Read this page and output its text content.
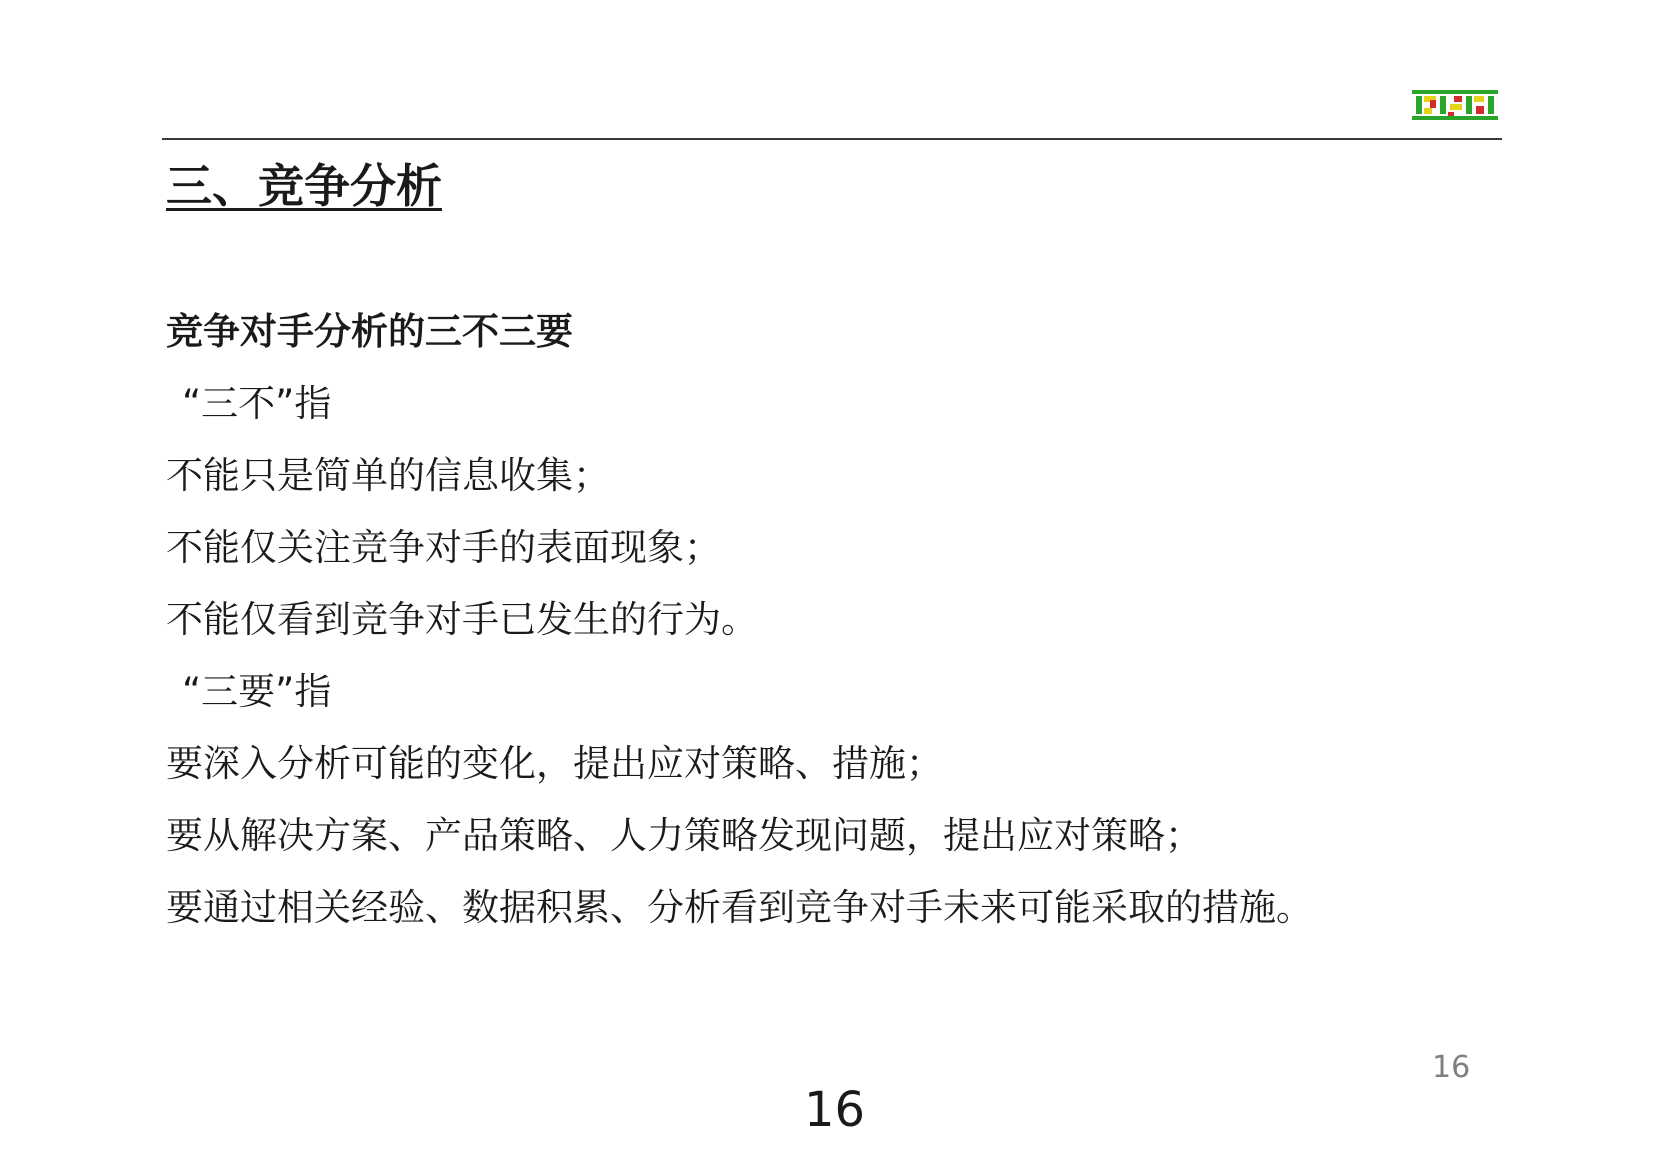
三、竞争分析
竞争对手分析的三不三要
“三不”指
不能只是简单的信息收集；
不能仅关注竞争对手的表面现象；
不能仅看到竞争对手已发生的行为。
“三要”指
要深入分析可能的变化，提出应对策略、措施；
要从解决方案、产品策略、人力策略发现问题，提出应对策略；
要通过相关经验、数据积累、分析看到竞争对手未来可能采取的措施。
16
16
